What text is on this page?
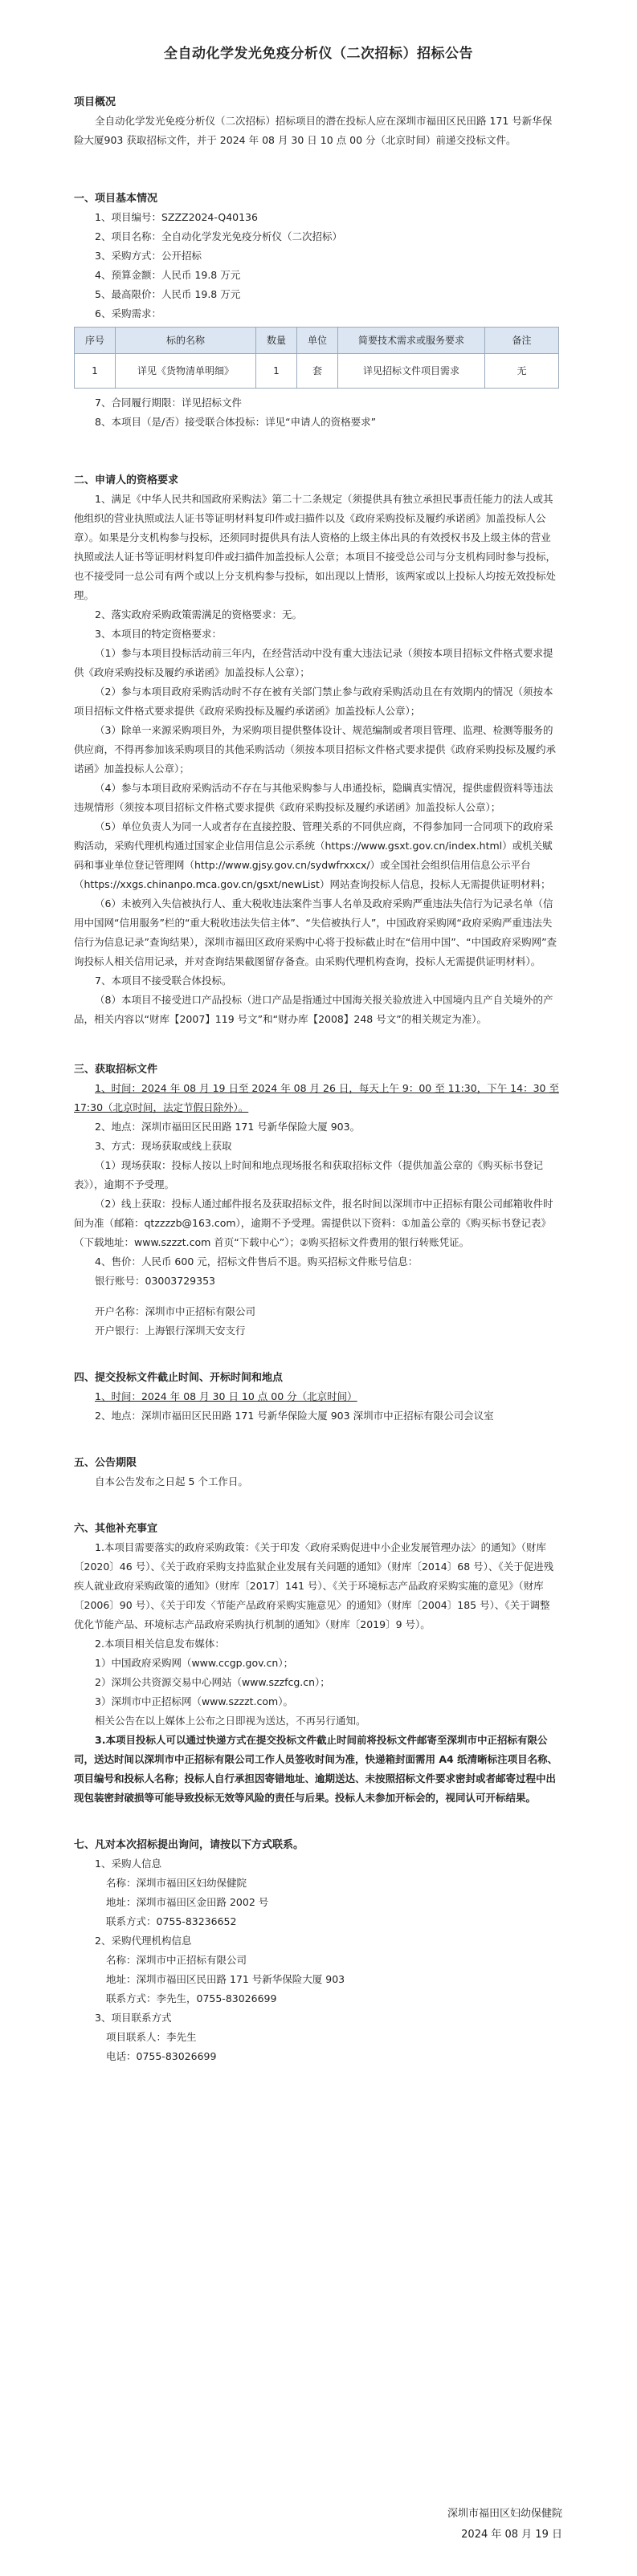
全自动化学发光免疫分析仪（二次招标）招标公告
项目概况

全自动化学发光免疫分析仪（二次招标）招标项目的潜在投标人应在深圳市福田区民田路 171 号新华保险大厦903 获取招标文件，并于 2024 年 08 月 30 日 10 点 00 分（北京时间）前递交投标文件。

一、项目基本情况

1、项目编号：SZZZ2024-Q40136

2、项目名称：全自动化学发光免疫分析仪（二次招标）

3、采购方式：公开招标

4、预算金额：人民币 19.8 万元

5、最高限价：人民币 19.8 万元

6、采购需求：

序号	标的名称	数量	单位	简要技术需求或服务要求	备注
1	详见《货物清单明细》	1	套	详见招标文件项目需求	无

7、合同履行期限：详见招标文件

8、本项目（是/否）接受联合体投标：详见“申请人的资格要求”

二、申请人的资格要求

1、满足《中华人民共和国政府采购法》第二十二条规定（须提供具有独立承担民事责任能力的法人或其他组织的营业执照或法人证书等证明材料复印件或扫描件以及《政府采购投标及履约承诺函》加盖投标人公章）。如果是分支机构参与投标，还须同时提供具有法人资格的上级主体出具的有效授权书及上级主体的营业执照或法人证书等证明材料复印件或扫描件加盖投标人公章；本项目不接受总公司与分支机构同时参与投标，也不接受同一总公司有两个或以上分支机构参与投标，如出现以上情形，该两家或以上投标人均按无效投标处理。

2、落实政府采购政策需满足的资格要求：无。

3、本项目的特定资格要求：

（1）参与本项目投标活动前三年内，在经营活动中没有重大违法记录（须按本项目招标文件格式要求提供《政府采购投标及履约承诺函》加盖投标人公章）；

（2）参与本项目政府采购活动时不存在被有关部门禁止参与政府采购活动且在有效期内的情况（须按本项目招标文件格式要求提供《政府采购投标及履约承诺函》加盖投标人公章）；

（3）除单一来源采购项目外，为采购项目提供整体设计、规范编制或者项目管理、监理、检测等服务的供应商，不得再参加该采购项目的其他采购活动（须按本项目招标文件格式要求提供《政府采购投标及履约承诺函》加盖投标人公章）；

（4）参与本项目政府采购活动不存在与其他采购参与人串通投标，隐瞒真实情况，提供虚假资料等违法违规情形（须按本项目招标文件格式要求提供《政府采购投标及履约承诺函》加盖投标人公章）；

（5）单位负责人为同一人或者存在直接控股、管理关系的不同供应商，不得参加同一合同项下的政府采购活动，采购代理机构通过国家企业信用信息公示系统（https://www.gsxt.gov.cn/index.html）或机关赋码和事业单位登记管理网（http://www.gjsy.gov.cn/sydwfrxxcx/）或全国社会组织信用信息公示平台（https://xxgs.chinanpo.mca.gov.cn/gsxt/newList）网站查询投标人信息，投标人无需提供证明材料；

（6）未被列入失信被执行人、重大税收违法案件当事人名单及政府采购严重违法失信行为记录名单（信用中国网“信用服务”栏的“重大税收违法失信主体”、“失信被执行人”，中国政府采购网“政府采购严重违法失信行为信息记录”查询结果），深圳市福田区政府采购中心将于投标截止时在“信用中国”、“中国政府采购网”查询投标人相关信用记录，并对查询结果截图留存备查。由采购代理机构查询，投标人无需提供证明材料）。

7、本项目不接受联合体投标。

（8）本项目不接受进口产品投标（进口产品是指通过中国海关报关验放进入中国境内且产自关境外的产品，相关内容以“财库【2007】119 号文”和“财办库【2008】248 号文”的相关规定为准）。

三、获取招标文件

1、时间：2024 年 08 月 19 日至 2024 年 08 月 26 日，每天上午 9：00 至 11:30，下午 14：30 至 17:30（北京时间，法定节假日除外）。

2、地点：深圳市福田区民田路 171 号新华保险大厦 903。

3、方式：现场获取或线上获取

（1）现场获取：投标人按以上时间和地点现场报名和获取招标文件（提供加盖公章的《购买标书登记表》），逾期不予受理。

（2）线上获取：投标人通过邮件报名及获取招标文件，报名时间以深圳市中正招标有限公司邮箱收件时间为准（邮箱：qtzzzzb@163.com），逾期不予受理。需提供以下资料：①加盖公章的《购买标书登记表》（下载地址：www.szzzt.com 首页“下载中心”）；②购买招标文件费用的银行转账凭证。

4、售价：人民币 600 元，招标文件售后不退。购买招标文件账号信息：

银行账号：03003729353

开户名称：深圳市中正招标有限公司

开户银行：上海银行深圳天安支行

四、提交投标文件截止时间、开标时间和地点

1、时间：2024 年 08 月 30 日 10 点 00 分（北京时间）

2、地点：深圳市福田区民田路 171 号新华保险大厦 903 深圳市中正招标有限公司会议室

五、公告期限

自本公告发布之日起 5 个工作日。

六、其他补充事宜

1.本项目需要落实的政府采购政策：《关于印发〈政府采购促进中小企业发展管理办法〉的通知》（财库〔2020〕46 号）、《关于政府采购支持监狱企业发展有关问题的通知》（财库〔2014〕68 号）、《关于促进残疾人就业政府采购政策的通知》（财库〔2017〕141 号）、《关于环境标志产品政府采购实施的意见》（财库〔2006〕90 号）、《关于印发〈节能产品政府采购实施意见〉的通知》（财库〔2004〕185 号）、《关于调整优化节能产品、环境标志产品政府采购执行机制的通知》（财库〔2019〕9 号）。

2.本项目相关信息发布媒体：

1）中国政府采购网（www.ccgp.gov.cn）；

2）深圳公共资源交易中心网站（www.szzfcg.cn）；

3）深圳市中正招标网（www.szzzt.com）。

相关公告在以上媒体上公布之日即视为送达，不再另行通知。

3.本项目投标人可以通过快递方式在提交投标文件截止时间前将投标文件邮寄至深圳市中正招标有限公司，送达时间以深圳市中正招标有限公司工作人员签收时间为准，快递箱封面需用 A4 纸清晰标注项目名称、项目编号和投标人名称；投标人自行承担因寄错地址、逾期送达、未按照招标文件要求密封或者邮寄过程中出现包装密封破损等可能导致投标无效等风险的责任与后果。投标人未参加开标会的，视同认可开标结果。

七、凡对本次招标提出询问，请按以下方式联系。

1、采购人信息

名称：深圳市福田区妇幼保健院

地址：深圳市福田区金田路 2002 号

联系方式：0755-83236652

2、采购代理机构信息

名称：深圳市中正招标有限公司

地址：深圳市福田区民田路 171 号新华保险大厦 903

联系方式：李先生，0755-83026699

3、项目联系方式

项目联系人：李先生

电话：0755-83026699

深圳市福田区妇幼保健院
2024 年 08 月 19 日
